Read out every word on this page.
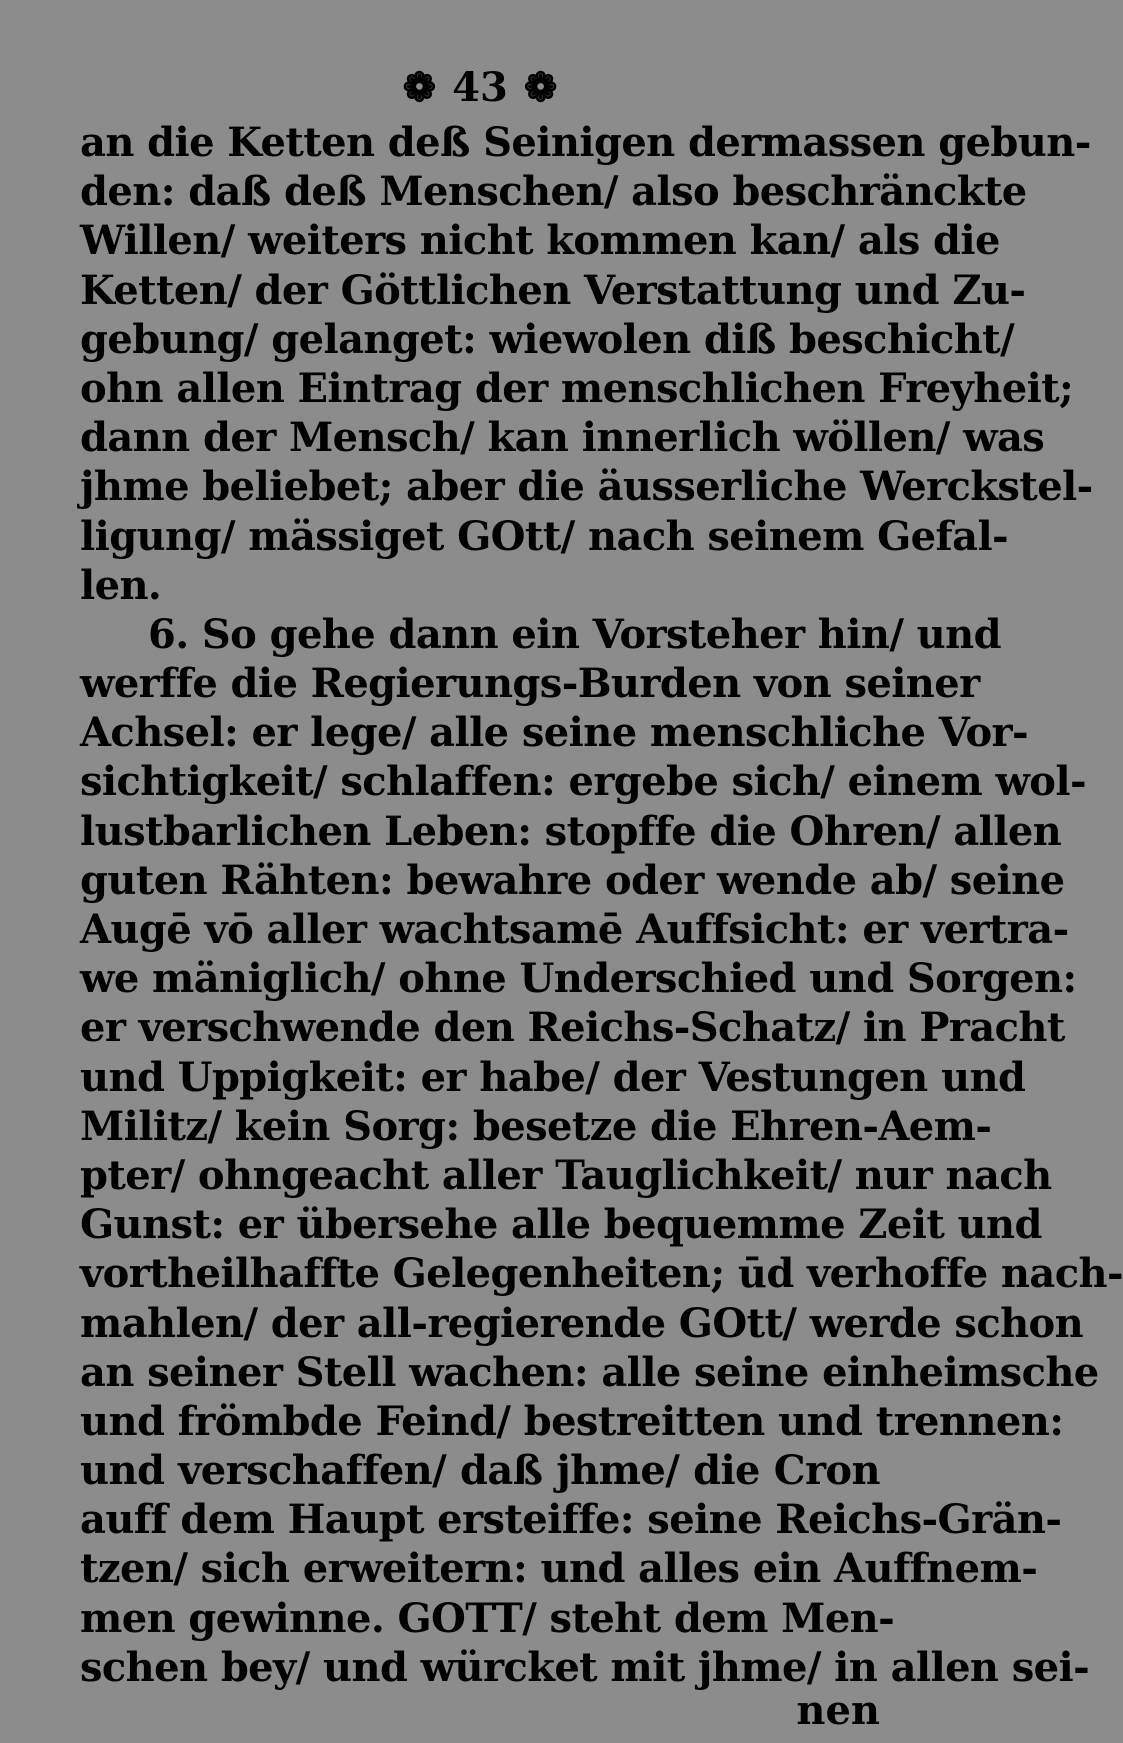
❁ 43 ❁
an die Ketten deß Seinigen dermassen gebun-
den: daß deß Menschen/ also beschränckte
Willen/ weiters nicht kommen kan/ als die
Ketten/ der Göttlichen Verstattung und Zu-
gebung/ gelanget: wiewolen diß beschicht/
ohn allen Eintrag der menschlichen Freyheit;
dann der Mensch/ kan innerlich wöllen/ was
jhme beliebet; aber die äusserliche Werckstel-
ligung/ mässiget GOtt/ nach seinem Gefal-
len.
6. So gehe dann ein Vorsteher hin/ und
werffe die Regierungs-Burden von seiner
Achsel: er lege/ alle seine menschliche Vor-
sichtigkeit/ schlaffen: ergebe sich/ einem wol-
lustbarlichen Leben: stopffe die Ohren/ allen
guten Rähten: bewahre oder wende ab/ seine
Augē vō aller wachtsamē Auffsicht: er vertra-
we mäniglich/ ohne Underschied und Sorgen:
er verschwende den Reichs-Schatz/ in Pracht
und Uppigkeit: er habe/ der Vestungen und
Militz/ kein Sorg: besetze die Ehren-Aem-
pter/ ohngeacht aller Tauglichkeit/ nur nach
Gunst: er übersehe alle bequemme Zeit und
vortheilhaffte Gelegenheiten; ūd verhoffe nach-
mahlen/ der all-regierende GOtt/ werde schon
an seiner Stell wachen: alle seine einheimsche
und frömbde Feind/ bestreitten und trennen:
und verschaffen/ daß jhme/ die Cron
auff dem Haupt ersteiffe: seine Reichs-Grän-
tzen/ sich erweitern: und alles ein Auffnem-
men gewinne. GOTT/ steht dem Men-
schen bey/ und würcket mit jhme/ in allen sei-
nen
